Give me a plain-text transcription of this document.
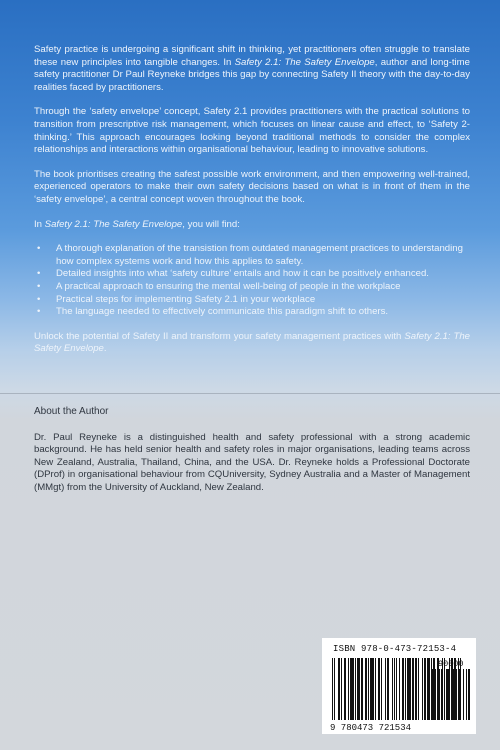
Safety practice is undergoing a significant shift in thinking, yet practitioners often struggle to translate these new principles into tangible changes. In Safety 2.1: The Safety Envelope, author and long-time safety practitioner Dr Paul Reyneke bridges this gap by connecting Safety II theory with the day-to-day realities faced by practitioners.

Through the ‘safety envelope’ concept, Safety 2.1 provides practitioners with the practical solutions to transition from prescriptive risk management, which focuses on linear cause and effect, to ‘Safety 2-thinking.’ This approach encourages looking beyond traditional methods to consider the complex relationships and interactions within organisational behaviour, leading to innovative solutions.

The book prioritises creating the safest possible work environment, and then empowering well-trained, experienced operators to make their own safety decisions based on what is in front of them in the ‘safety envelope’, a central concept woven throughout the book.

In Safety 2.1: The Safety Envelope, you will find:

• A thorough explanation of the transistion from outdated management practices to understanding how complex systems work and how this applies to safety.
• Detailed insights into what ‘safety culture’ entails and how it can be positively enhanced.
• A practical approach to ensuring the mental well-being of people in the workplace
• Practical steps for implementing Safety 2.1 in your workplace
• The language needed to effectively communicate this paradigm shift to others.

Unlock the potential of Safety II and transform your safety management practices with Safety 2.1: The Safety Envelope.

About the Author

Dr. Paul Reyneke is a distinguished health and safety professional with a strong academic background. He has held senior health and safety roles in major organisations, leading teams across New Zealand, Australia, Thailand, China, and the USA. Dr. Reyneke holds a Professional Doctorate (DProf) in organisational behaviour from CQUniversity, Sydney Australia and a Master of Management (MMgt) from the University of Auckland, New Zealand.

ISBN 978-0-473-72153-4
9 780473 721534
90000
